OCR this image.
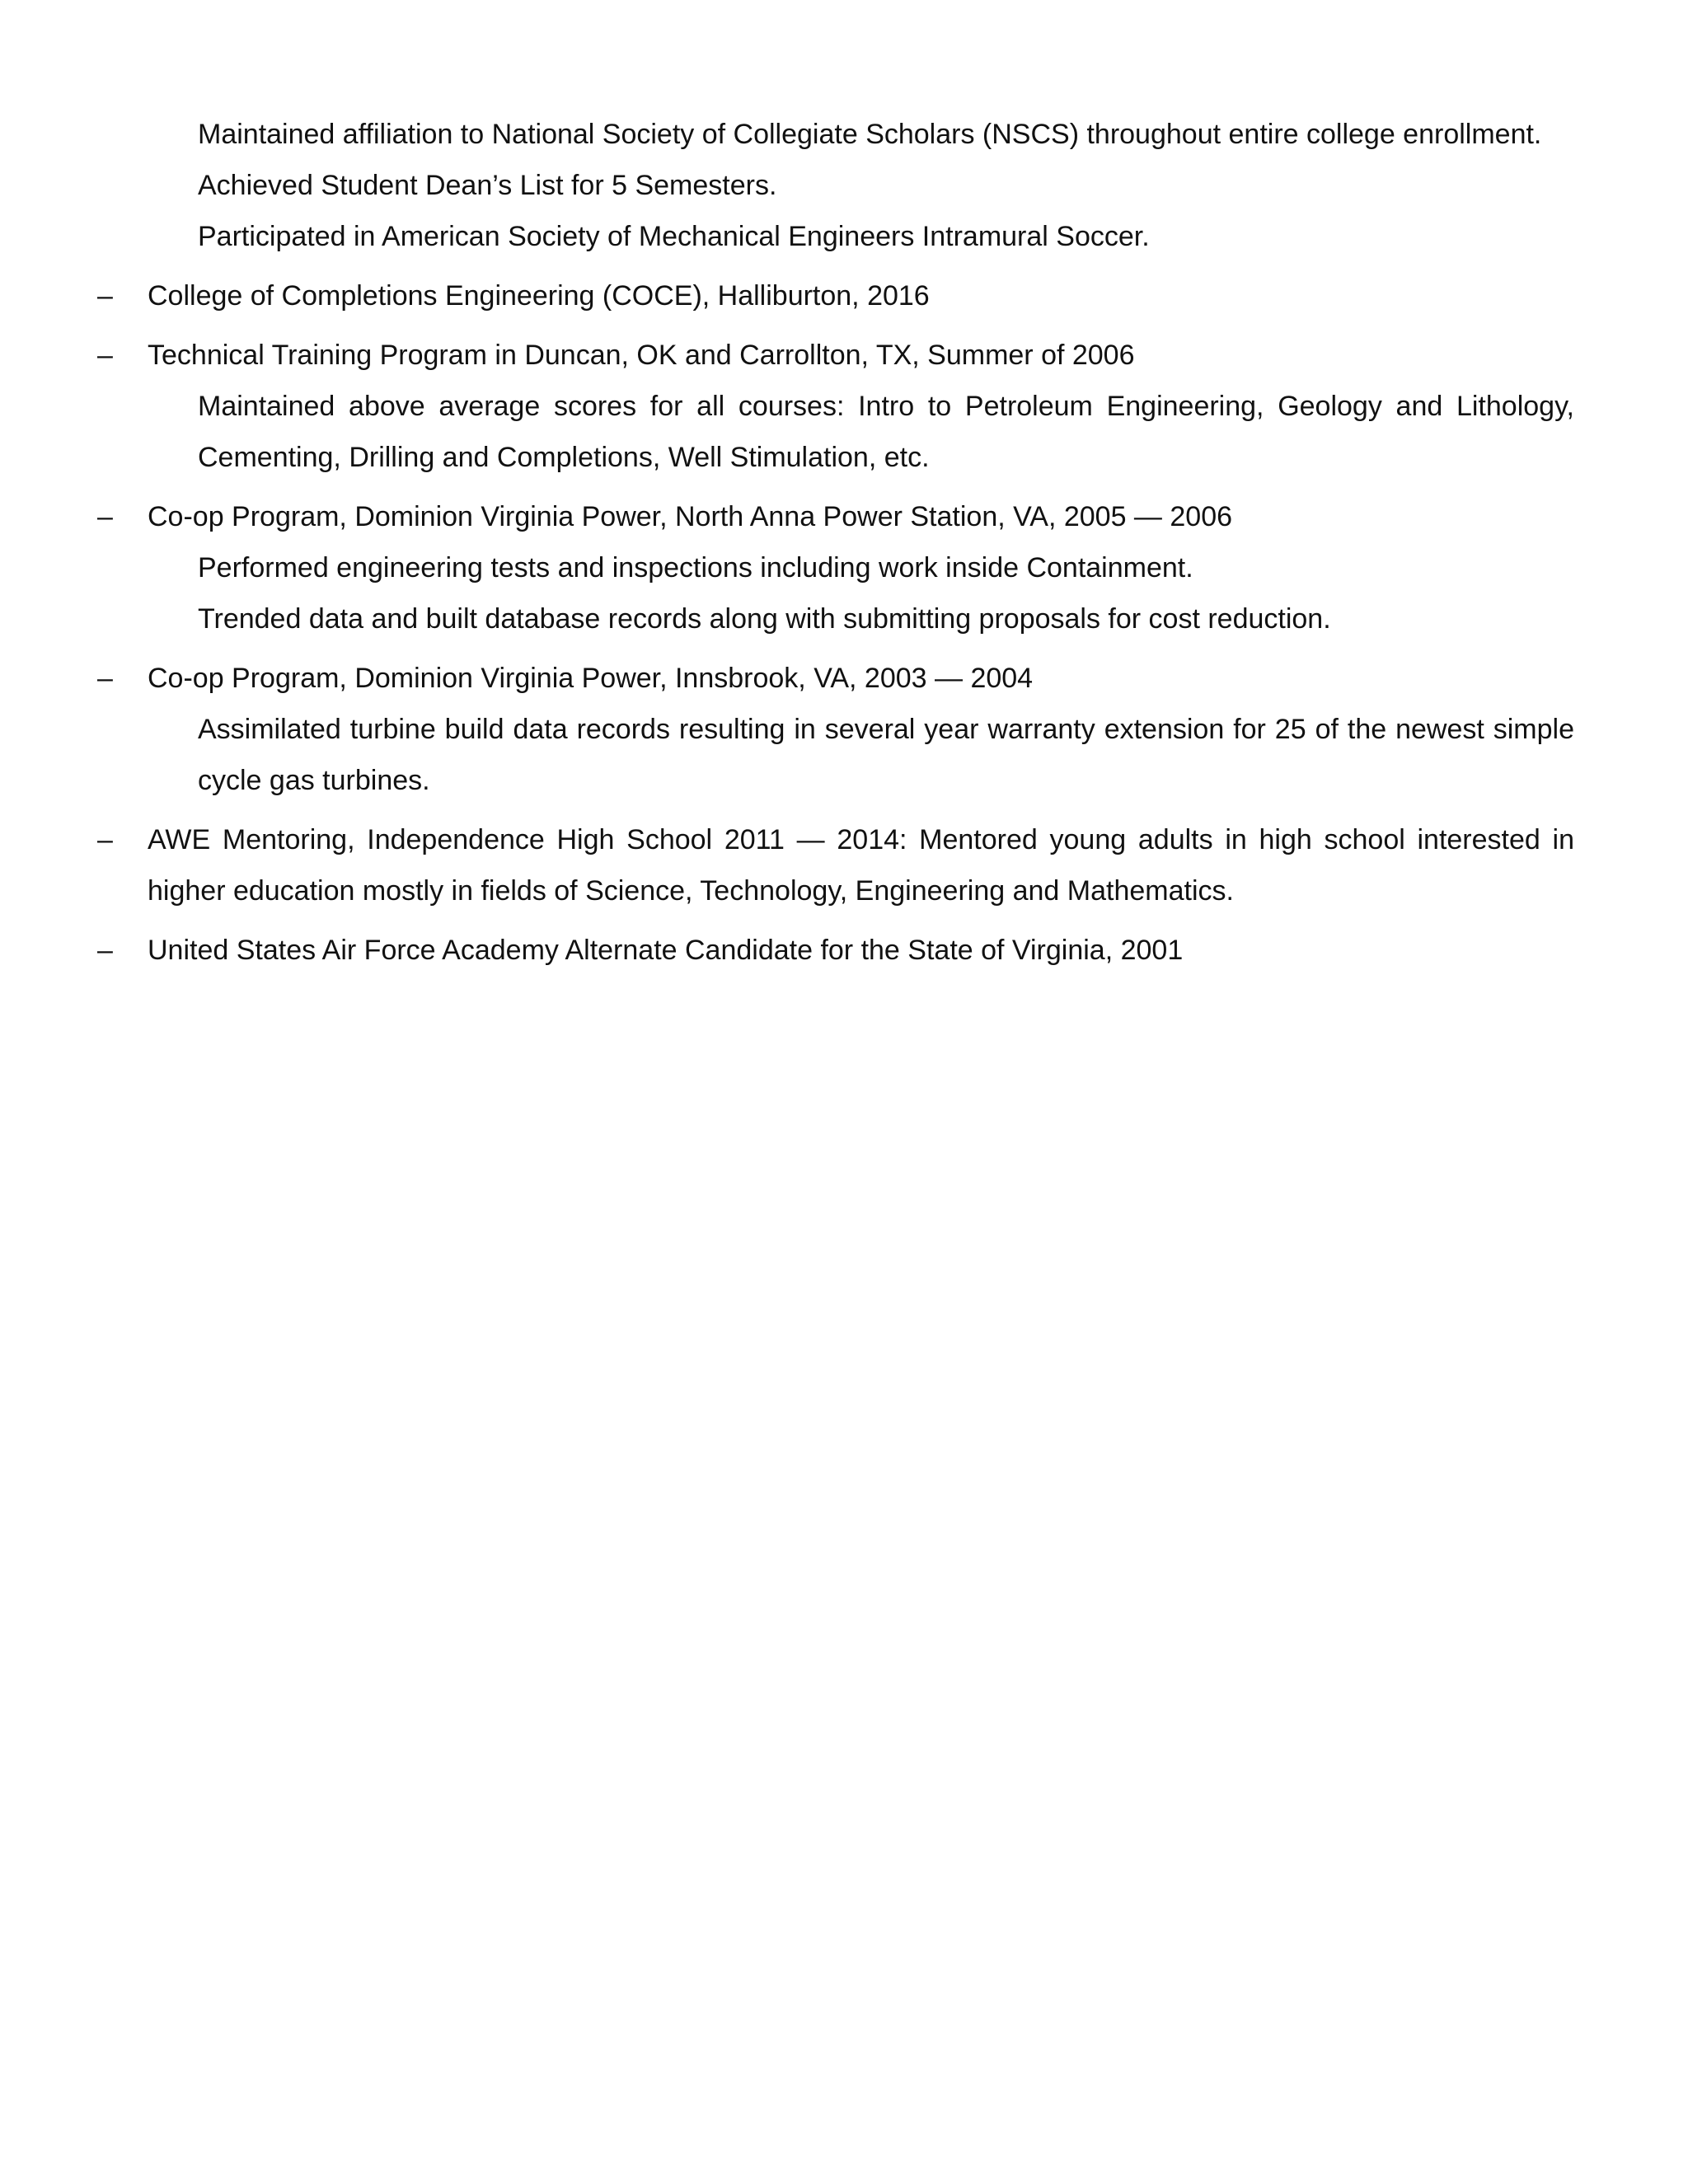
Maintained affiliation to National Society of Collegiate Scholars (NSCS) throughout entire college enrollment.
Achieved Student Dean’s List for 5 Semesters.
Participated in American Society of Mechanical Engineers Intramural Soccer.
–	College of Completions Engineering (COCE), Halliburton, 2016
–	Technical Training Program in Duncan, OK and Carrollton, TX, Summer of 2006
Maintained above average scores for all courses: Intro to Petroleum Engineering, Geology and Lithology, Cementing, Drilling and Completions, Well Stimulation, etc.
–	Co-op Program, Dominion Virginia Power, North Anna Power Station, VA, 2005 — 2006
Performed engineering tests and inspections including work inside Containment.
Trended data and built database records along with submitting proposals for cost reduction.
–	Co-op Program, Dominion Virginia Power, Innsbrook, VA, 2003 — 2004
Assimilated turbine build data records resulting in several year warranty extension for 25 of the newest simple cycle gas turbines.
–	AWE Mentoring, Independence High School 2011 — 2014: Mentored young adults in high school interested in higher education mostly in fields of Science, Technology, Engineering and Mathematics.
–	United States Air Force Academy Alternate Candidate for the State of Virginia, 2001
